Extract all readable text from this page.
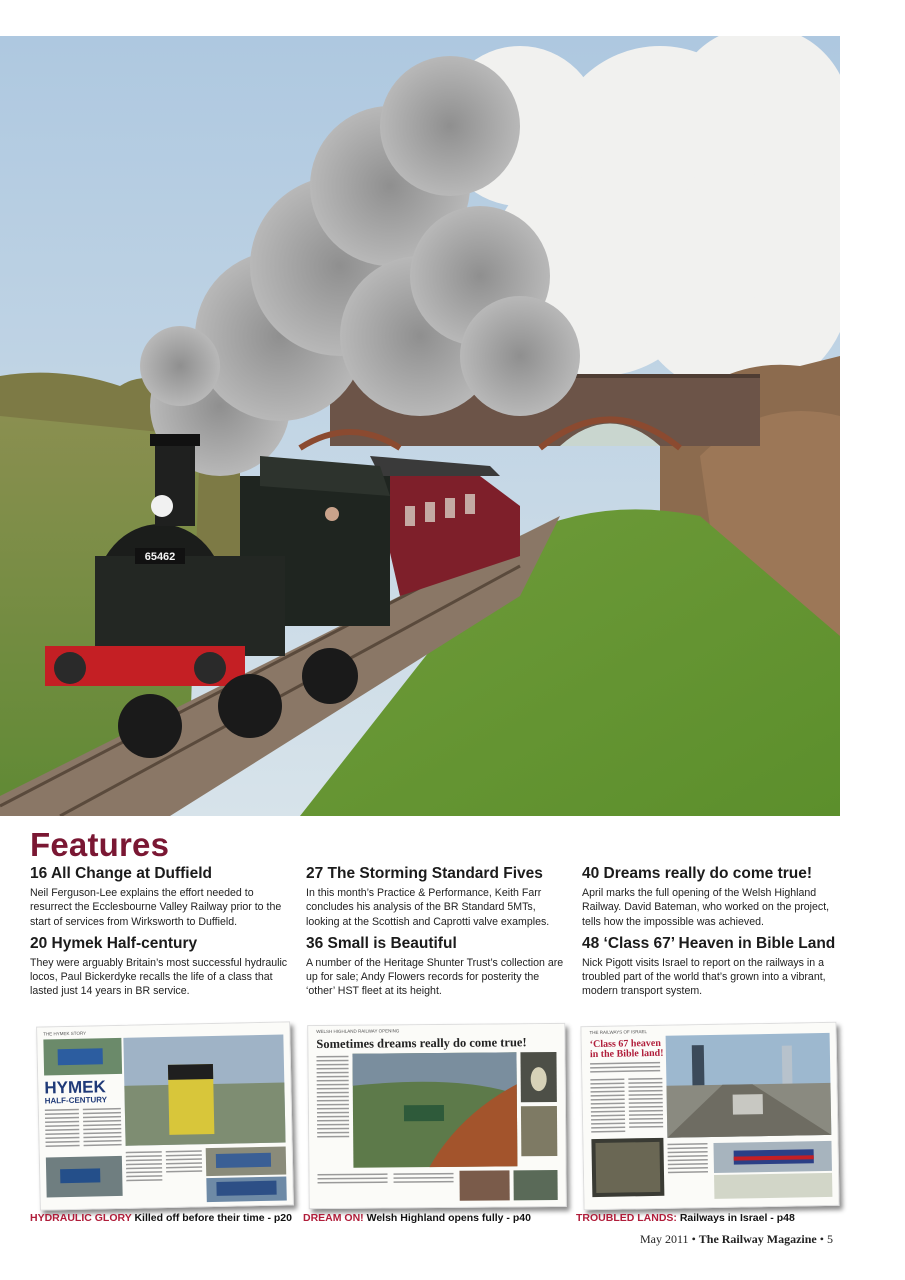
65462
Features
16 All Change at Duffield

Neil Ferguson-Lee explains the effort needed to resurrect the Ecclesbourne Valley Railway prior to the start of services from Wirksworth to Duffield.

20 Hymek Half-century

They were arguably Britain’s most successful hydraulic locos, Paul Bickerdyke recalls the life of a class that lasted just 14 years in BR service.

27 The Storming Standard Fives

In this month’s Practice & Performance, Keith Farr concludes his analysis of the BR Standard 5MTs, looking at the Scottish and Caprotti valve examples.

36 Small is Beautiful

A number of the Heritage Shunter Trust’s collection are up for sale; Andy Flowers records for posterity the ‘other’ HST fleet at its height.

40 Dreams really do come true!

April marks the full opening of the Welsh Highland Railway. David Bateman, who worked on the project, tells how the impossible was achieved.

48 ‘Class 67’ Heaven in Bible Land

Nick Pigott visits Israel to report on the railways in a troubled part of the world that’s grown into a vibrant, modern transport system.

THE HYMEK STORY
HYMEK
HALF-CENTURY
WELSH HIGHLAND RAILWAY OPENING
Sometimes dreams really do come true!
THE RAILWAYS OF ISRAEL
‘Class 67 heaven
in the Bible land!
HYDRAULIC GLORY Killed off before their time - p20 DREAM ON! Welsh Highland opens fully - p40	TROUBLED LANDS: Railways in Israel - p48
May 2011 • The Railway Magazine • 5
